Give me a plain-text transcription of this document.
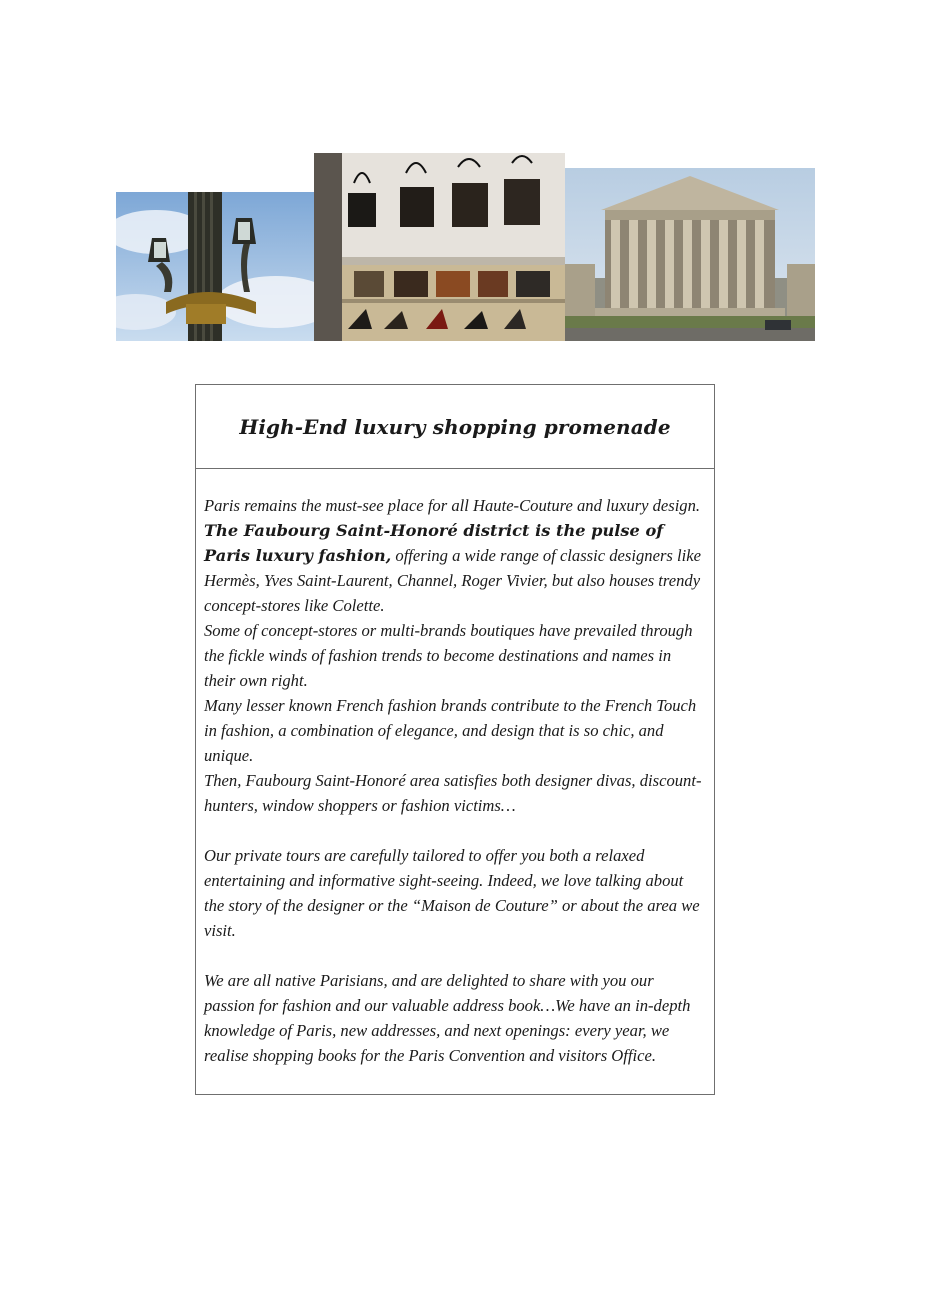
High-End luxury shopping promenade

Paris remains the must-see place for all Haute-Couture and luxury design.

The Faubourg Saint-Honoré district is the pulse of Paris luxury fashion, offering a wide range of classic designers like Hermès, Yves Saint-Laurent, Channel, Roger Vivier, but also houses trendy concept-stores like Colette.

Some of concept-stores or multi-brands boutiques have prevailed through the fickle winds of fashion trends to become destinations and names in their own right.

Many lesser known French fashion brands contribute to the French Touch in fashion, a combination of elegance, and design that is so chic, and unique.

Then, Faubourg Saint-Honoré area satisfies both designer divas, discount-hunters, window shoppers or fashion victims…

Our private tours are carefully tailored to offer you both a relaxed entertaining and informative sight-seeing. Indeed, we love talking about the story of the designer or the “Maison de Couture” or about the area we visit.

We are all native Parisians, and are delighted to share with you our passion for fashion and our valuable address book…We have an in-depth knowledge of Paris, new addresses, and next openings: every year, we realise shopping books for the Paris Convention and visitors Office.
